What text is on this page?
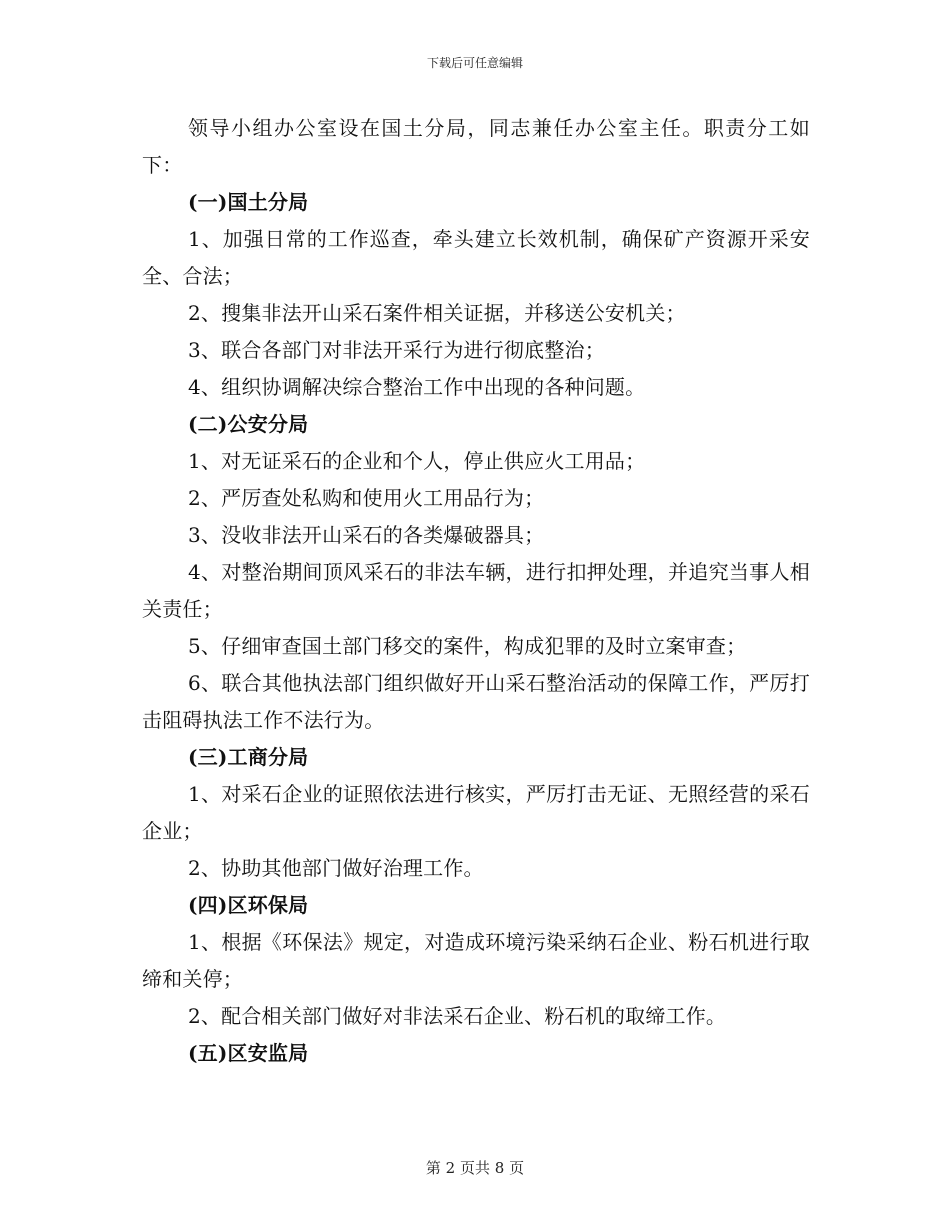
下载后可任意编辑

领导小组办公室设在国土分局，同志兼任办公室主任。职责分工如下：

(一)国土分局

1、加强日常的工作巡查，牵头建立长效机制，确保矿产资源开采安全、合法；

2、搜集非法开山采石案件相关证据，并移送公安机关；

3、联合各部门对非法开采行为进行彻底整治；

4、组织协调解决综合整治工作中出现的各种问题。

(二)公安分局

1、对无证采石的企业和个人，停止供应火工用品；

2、严厉查处私购和使用火工用品行为；

3、没收非法开山采石的各类爆破器具；

4、对整治期间顶风采石的非法车辆，进行扣押处理，并追究当事人相关责任；

5、仔细审查国土部门移交的案件，构成犯罪的及时立案审查；

6、联合其他执法部门组织做好开山采石整治活动的保障工作，严厉打击阻碍执法工作不法行为。

(三)工商分局

1、对采石企业的证照依法进行核实，严厉打击无证、无照经营的采石企业；

2、协助其他部门做好治理工作。

(四)区环保局

1、根据《环保法》规定，对造成环境污染采纳石企业、粉石机进行取缔和关停；

2、配合相关部门做好对非法采石企业、粉石机的取缔工作。

(五)区安监局

第 2 页共 8 页
